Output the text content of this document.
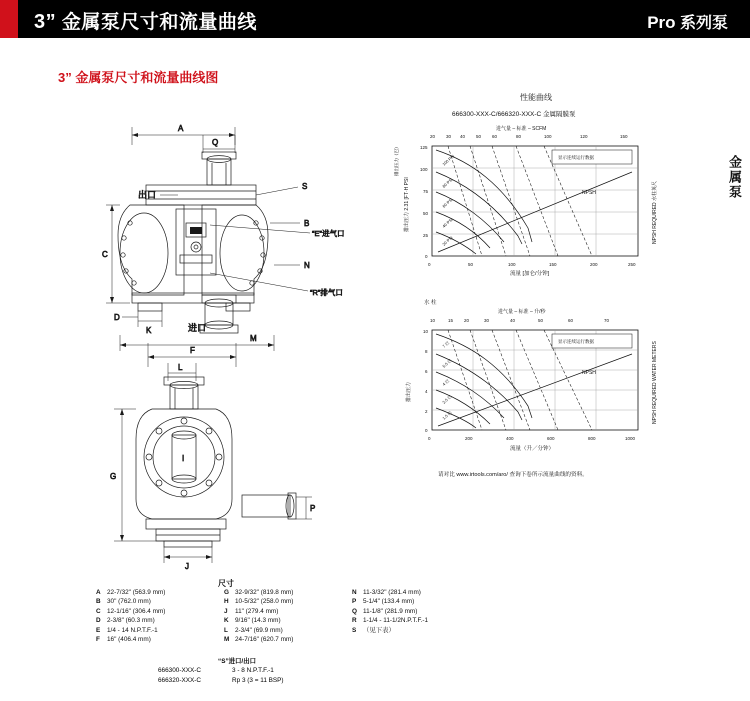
3” 金属泵尺寸和流量曲线	Pro 系列泵
金属泵
3” 金属泵尺寸和流量曲线图
A
Q
出口
进口
S
B
“E”进气口
N
“R”排气口
C
K
D
F
M
L
I
G
P
J
性能曲线
666300-XXX-C/666320-XXX-C 金属隔膜泵
20 30 40 50 60	80	100	120	150
进气量 – 标准 – SCFM
125
100
75
50
25
0
排出压力 2.31 [FT·H PSI
排出压力（巴）
NPSH REQUIRED 水柱英尺
0	50	100	150	200	250
流量 [加仑/分钟]
显示连续运行数据
100 PSI
80 PSI
60 PSI
40 PSI
20 PSI
NPSH
10	15 20	30	40	50	60	70
进气量 – 标准 – 升/秒
水 柱
10
8
6
4
2
0
排出压力	NPSH REQUIRED WATER METERS
0	200	400	600	800	1000
流量（升／分钟）
显示连续运行数据
7 巴
5.5 巴
4 巴
2.5 巴
1.5 巴
NPSH
请对比 www.irtools.com/aro/ 查询下卷所示流量曲线的资料。
尺寸
A 22-7/32" (563.9 mm)	G 32-9/32" (819.8 mm)	N 11-3/32" (281.4 mm)
B 30" (762.0 mm)	H 10-5/32" (258.0 mm)	P	5-1/4" (133.4 mm)
C 12-1/16" (306.4 mm)	J	11" (279.4 mm)	Q 11-1/8" (281.9 mm)
D 2-3/8" (60.3 mm)	K 9/16" (14.3 mm)	R 1-1/4 - 11-1/2N.P.T.F.-1
E	1/4 - 14 N.P.T.F.-1	L	2-3/4" (69.9 mm)	S	（见下表）
F	16" (406.4 mm)	M 24-7/16" (620.7 mm)
“S”进口/出口
666300-XXX-C	3 - 8 N.P.T.F.-1
666320-XXX-C	Rp 3 (3 = 11 BSP)
